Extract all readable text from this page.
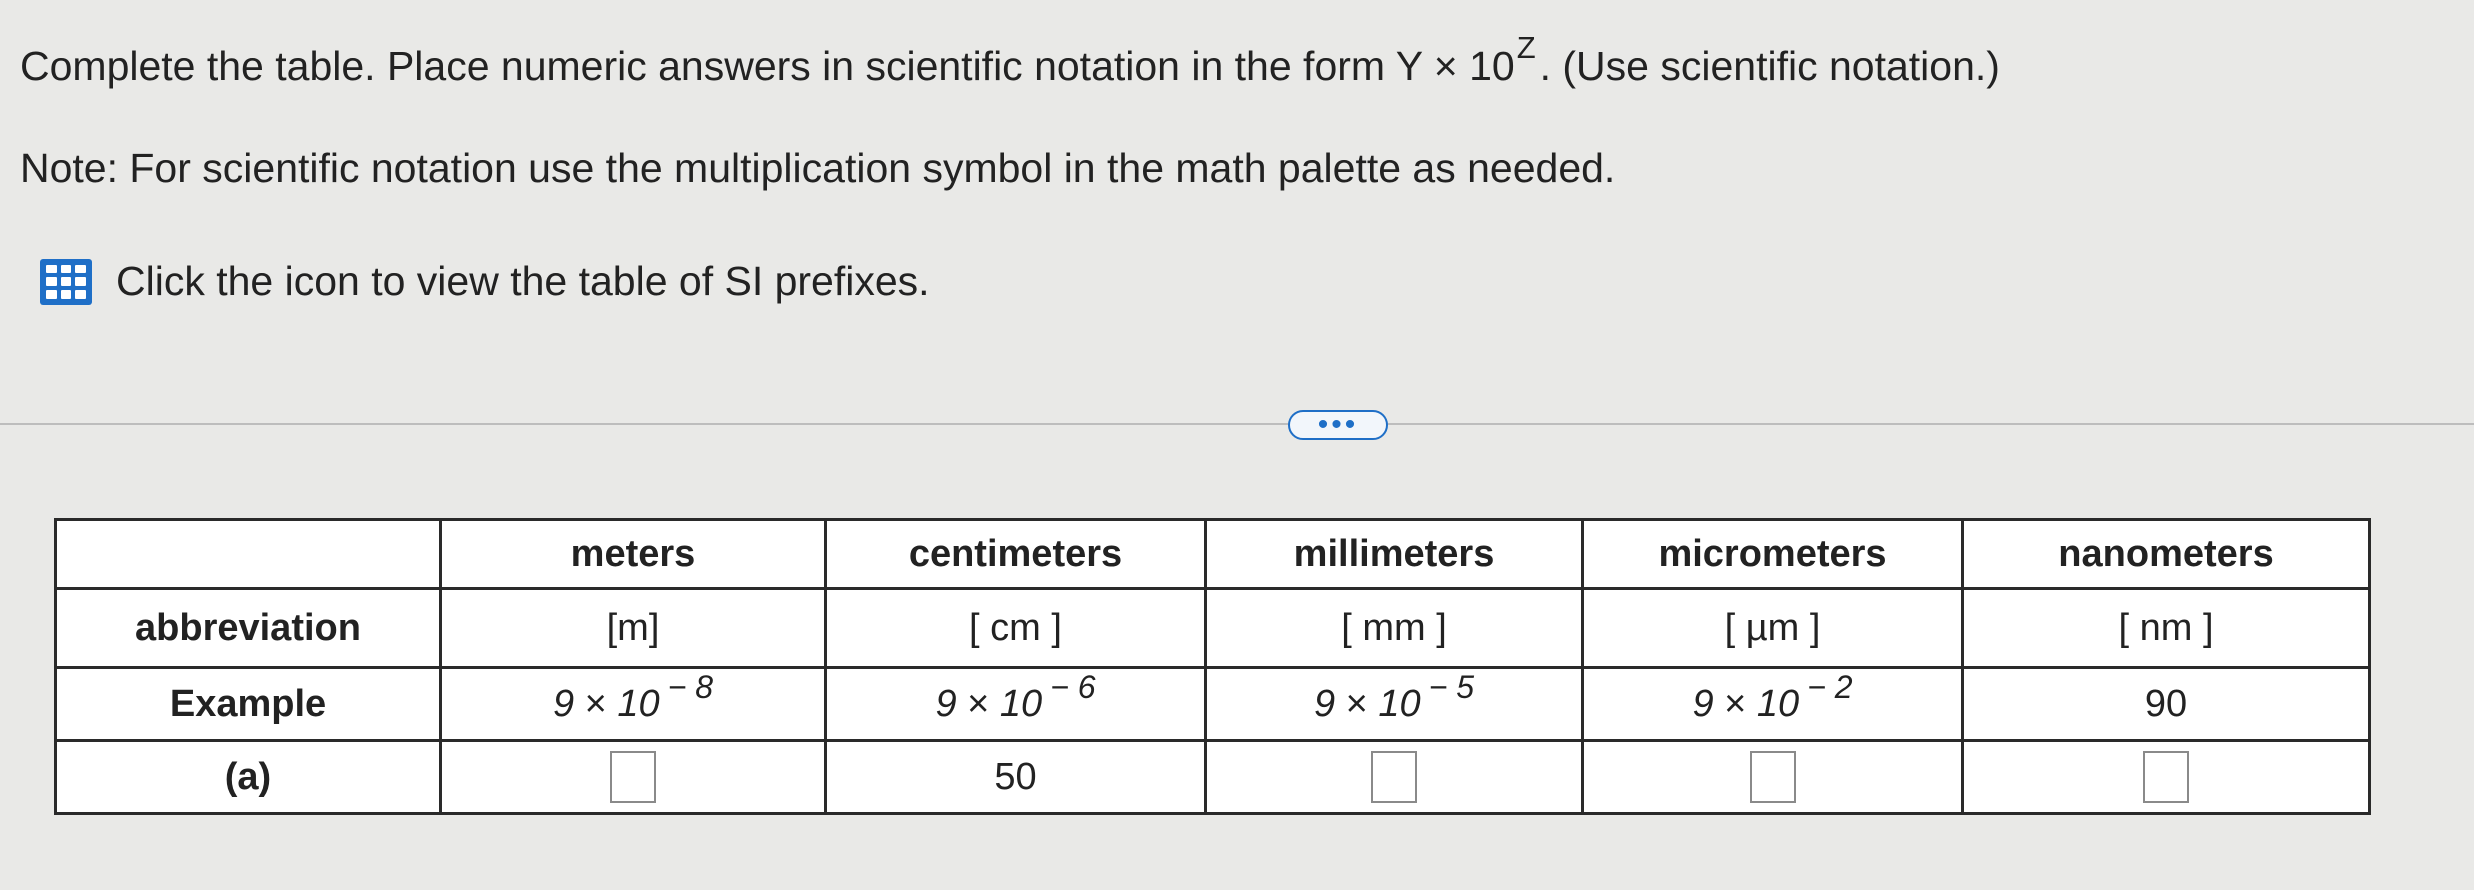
Complete the table. Place numeric answers in scientific notation in the form $Y \times 10^Z$. (Use scientific notation.)
Note: For scientific notation use the multiplication symbol in the math palette as needed.
Click the icon to view the table of SI prefixes.
•••
	meters	centimeters	millimeters	micrometers	nanometers
abbreviation	[m]	[ cm ]	[ mm ]	[ µm ]	[ nm ]
Example	9 × 10 $^{- 8}$	9 × 10 $^{- 6}$	9 × 10 $^{- 5}$	9 × 10 $^{- 2}$	90
(a)		50			
